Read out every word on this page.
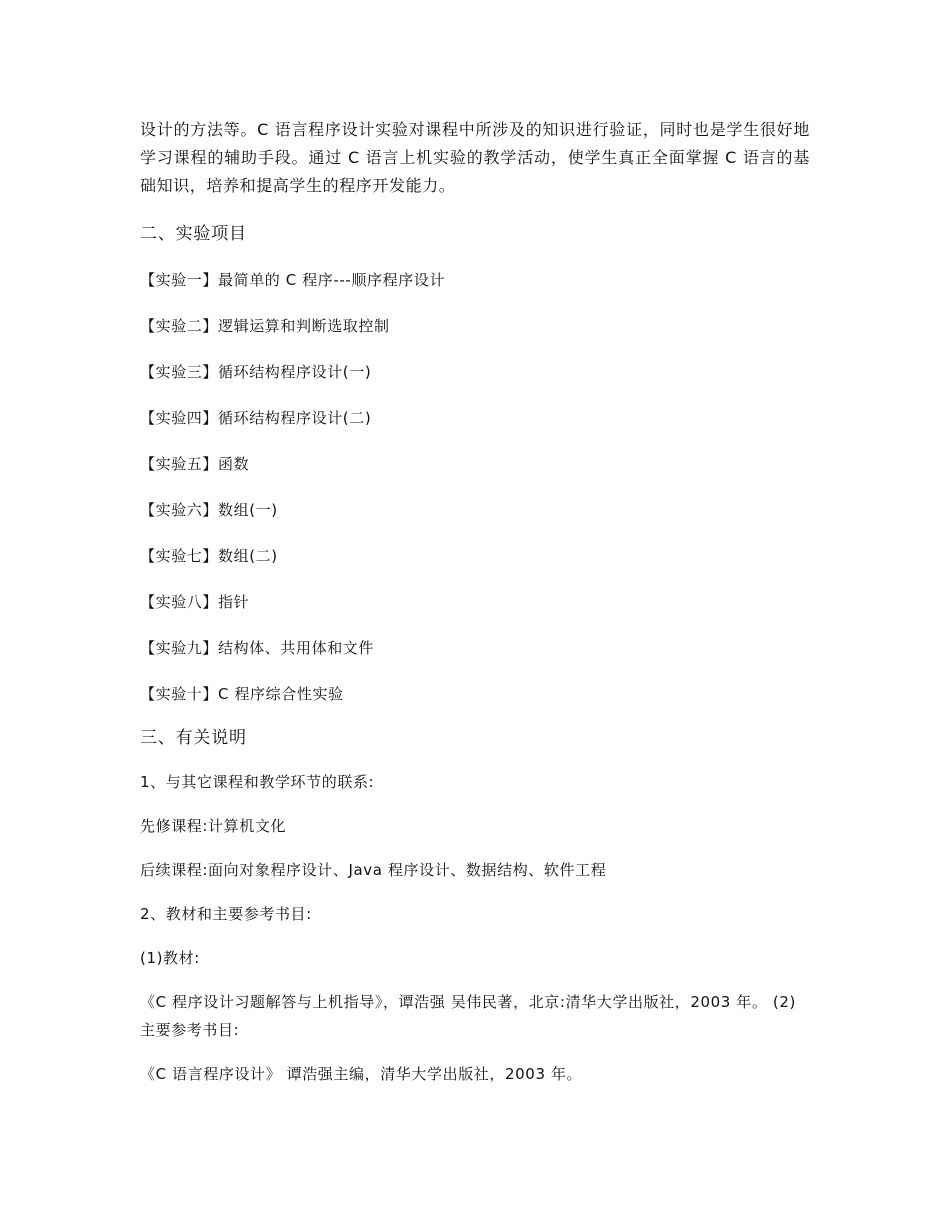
设计的方法等。C 语言程序设计实验对课程中所涉及的知识进行验证，同时也是学生很好地学习课程的辅助手段。通过 C 语言上机实验的教学活动，使学生真正全面掌握 C 语言的基础知识，培养和提高学生的程序开发能力。

二、实验项目

【实验一】最简单的 C 程序---顺序程序设计

【实验二】逻辑运算和判断选取控制

【实验三】循环结构程序设计(一)

【实验四】循环结构程序设计(二)

【实验五】函数

【实验六】数组(一)

【实验七】数组(二)

【实验八】指针

【实验九】结构体、共用体和文件

【实验十】C 程序综合性实验

三、有关说明

1、与其它课程和教学环节的联系:

先修课程:计算机文化

后续课程:面向对象程序设计、Java 程序设计、数据结构、软件工程

2、教材和主要参考书目:

(1)教材:

《C 程序设计习题解答与上机指导》，谭浩强 吴伟民著，北京:清华大学出版社，2003 年。 (2)主要参考书目:

《C 语言程序设计》 谭浩强主编，清华大学出版社，2003 年。
